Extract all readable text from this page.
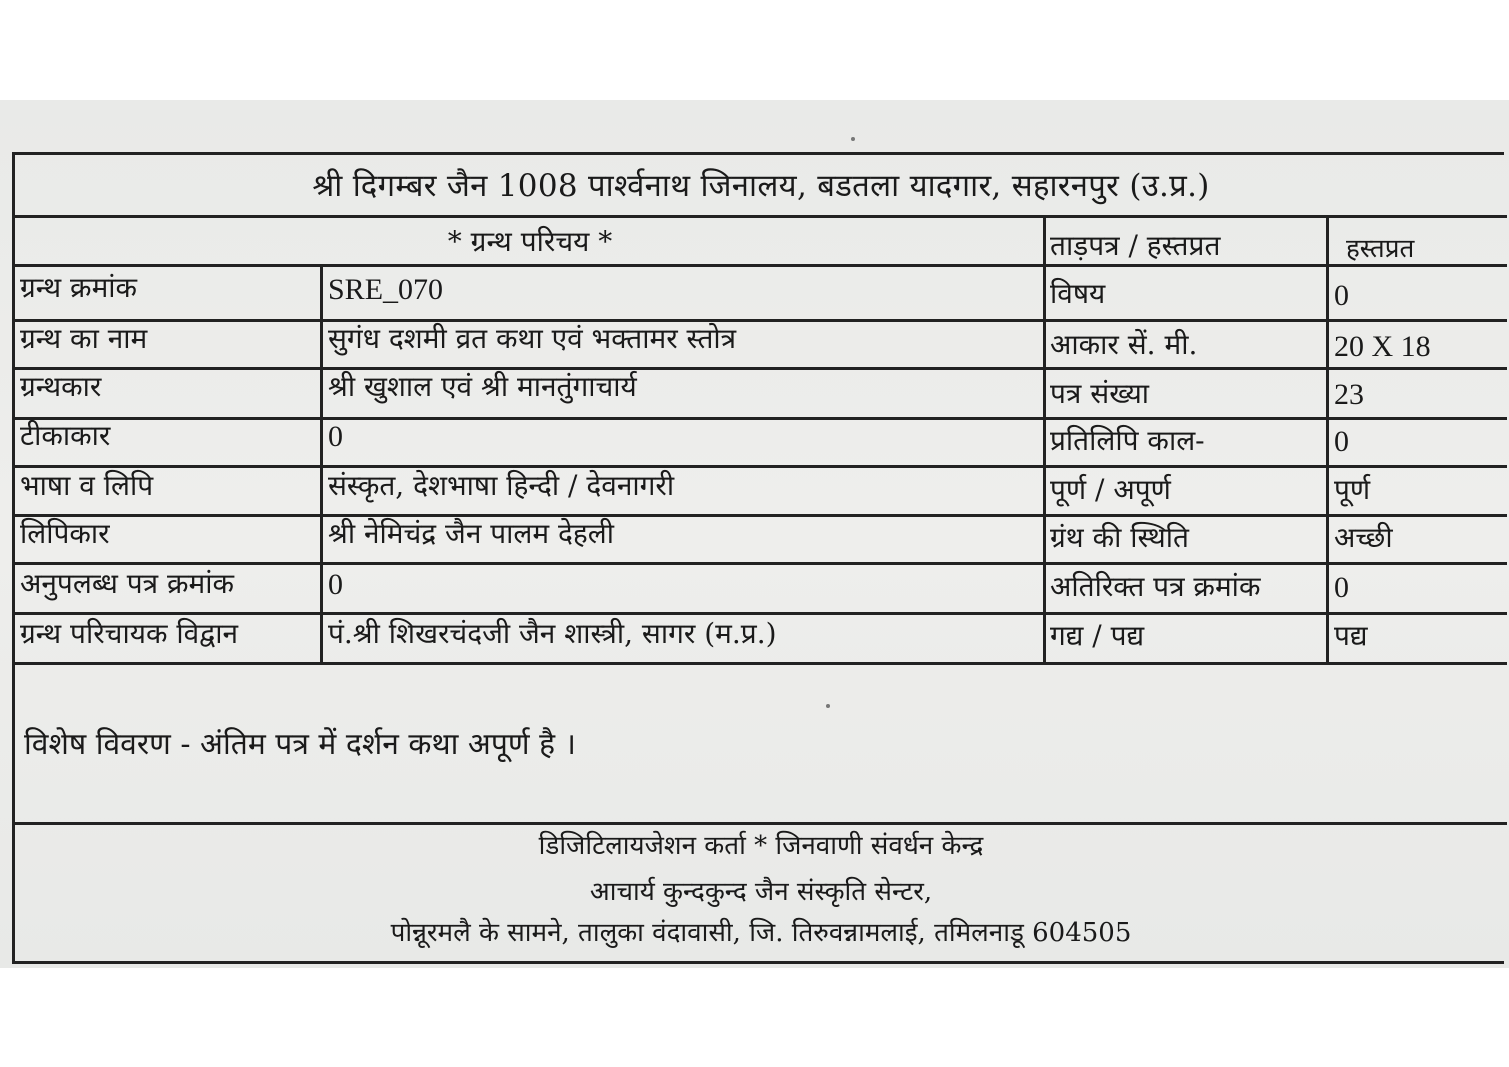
श्री दिगम्बर जैन 1008 पार्श्वनाथ जिनालय, बडतला यादगार, सहारनपुर (उ.प्र.)
* ग्रन्थ परिचय *	ताड़पत्र / हस्तप्रत	हस्तप्रत
ग्रन्थ क्रमांक	SRE_070	विषय	0
ग्रन्थ का नाम	सुगंध दशमी व्रत कथा एवं भक्तामर स्तोत्र	आकार सें. मी.	20 X 18
ग्रन्थकार	श्री खुशाल एवं श्री मानतुंगाचार्य	पत्र संख्या	23
टीकाकार	0	प्रतिलिपि काल-	0
भाषा व लिपि	संस्कृत, देशभाषा हिन्दी / देवनागरी	पूर्ण / अपूर्ण	पूर्ण
लिपिकार	श्री नेमिचंद्र जैन पालम देहली	ग्रंथ की स्थिति	अच्छी
अनुपलब्ध पत्र क्रमांक	0	अतिरिक्त पत्र क्रमांक 0
ग्रन्थ परिचायक विद्वान	पं.श्री शिखरचंदजी जैन शास्त्री, सागर (म.प्र.)	गद्य / पद्य	पद्य
विशेष विवरण - अंतिम पत्र में दर्शन कथा अपूर्ण है ।
डिजिटिलायजेशन कर्ता * जिनवाणी संवर्धन केन्द्र
आचार्य कुन्दकुन्द जैन संस्कृति सेन्टर,
पोन्नूरमलै के सामने, तालुका वंदावासी, जि. तिरुवन्नामलाई, तमिलनाडू 604505
